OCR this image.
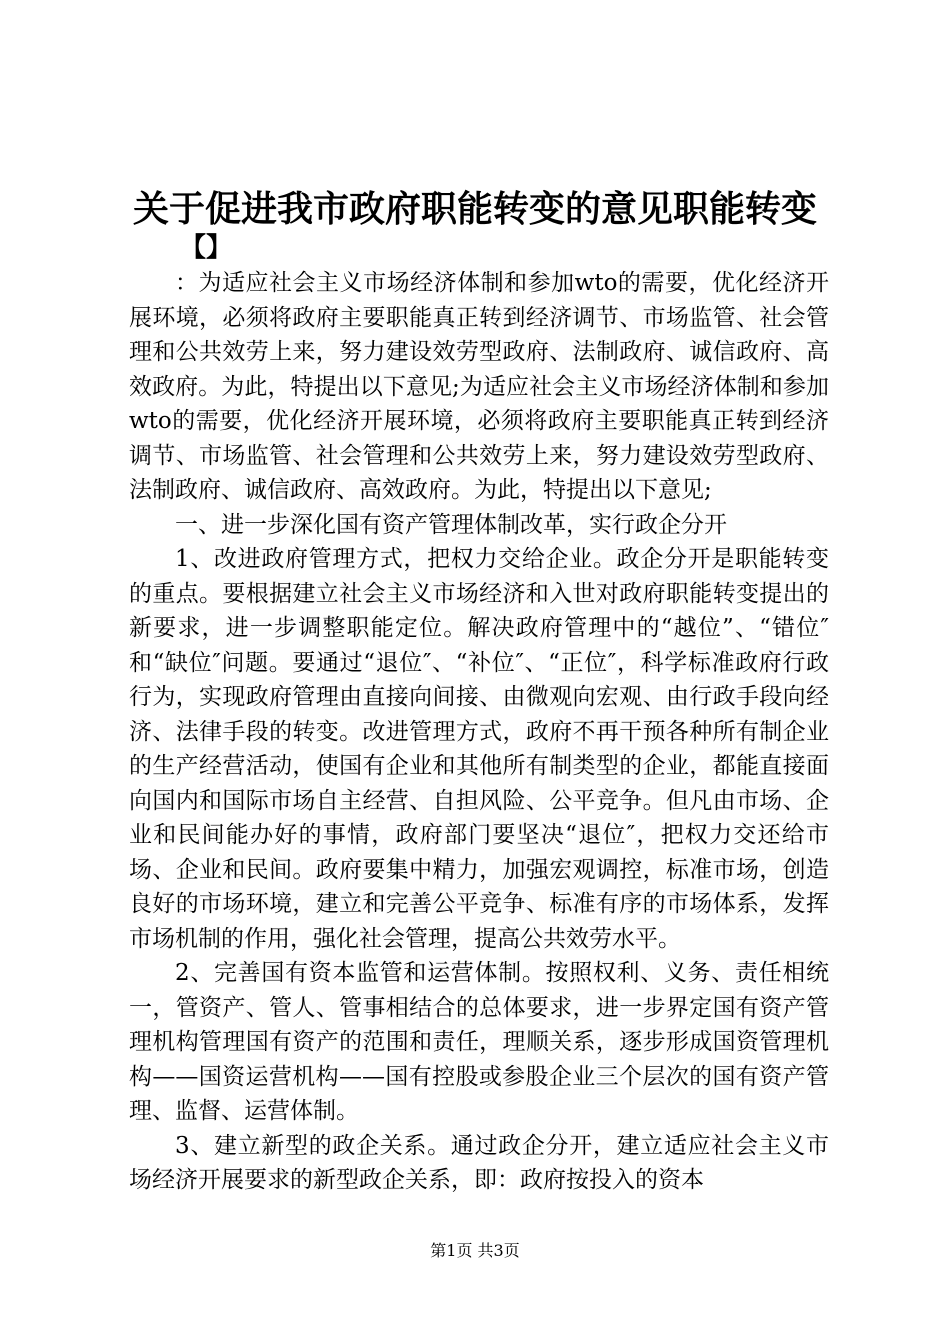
关于促进我市政府职能转变的意见职能转变
【】

：为适应社会主义市场经济体制和参加wto的需要，优化经济开展环境，必须将政府主要职能真正转到经济调节、市场监管、社会管理和公共效劳上来，努力建设效劳型政府、法制政府、诚信政府、高效政府。为此，特提出以下意见;为适应社会主义市场经济体制和参加wto的需要，优化经济开展环境，必须将政府主要职能真正转到经济调节、市场监管、社会管理和公共效劳上来，努力建设效劳型政府、法制政府、诚信政府、高效政府。为此，特提出以下意见;

一、进一步深化国有资产管理体制改革，实行政企分开

1、改进政府管理方式，把权力交给企业。政企分开是职能转变的重点。要根据建立社会主义市场经济和入世对政府职能转变提出的新要求，进一步调整职能定位。解决政府管理中的“越位”、“错位″和“缺位″问题。要通过“退位″、“补位″、“正位″，科学标准政府行政行为，实现政府管理由直接向间接、由微观向宏观、由行政手段向经济、法律手段的转变。改进管理方式，政府不再干预各种所有制企业的生产经营活动，使国有企业和其他所有制类型的企业，都能直接面向国内和国际市场自主经营、自担风险、公平竞争。但凡由市场、企业和民间能办好的事情，政府部门要坚决“退位″，把权力交还给市场、企业和民间。政府要集中精力，加强宏观调控，标准市场，创造良好的市场环境，建立和完善公平竞争、标准有序的市场体系，发挥市场机制的作用，强化社会管理，提高公共效劳水平。

2、完善国有资本监管和运营体制。按照权利、义务、责任相统一，管资产、管人、管事相结合的总体要求，进一步界定国有资产管理机构管理国有资产的范围和责任，理顺关系，逐步形成国资管理机构——国资运营机构——国有控股或参股企业三个层次的国有资产管理、监督、运营体制。

3、建立新型的政企关系。通过政企分开，建立适应社会主义市场经济开展要求的新型政企关系，即：政府按投入的资本

第1页 共3页
